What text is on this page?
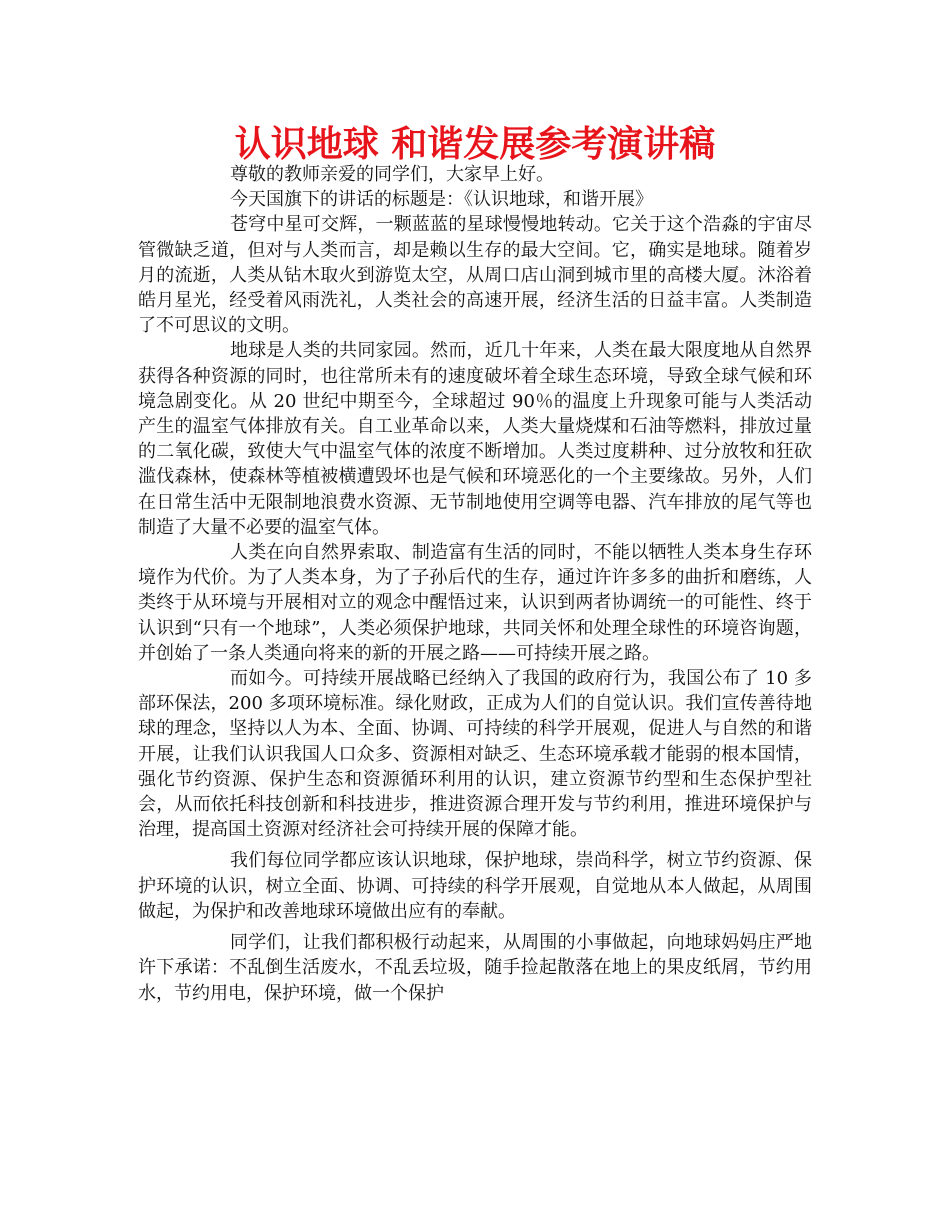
认识地球 和谐发展参考演讲稿

尊敬的教师亲爱的同学们，大家早上好。

今天国旗下的讲话的标题是：《认识地球，和谐开展》

苍穹中星可交辉，一颗蓝蓝的星球慢慢地转动。它关于这个浩淼的宇宙尽管微缺乏道，但对与人类而言，却是赖以生存的最大空间。它，确实是地球。随着岁月的流逝，人类从钻木取火到游览太空，从周口店山洞到城市里的高楼大厦。沐浴着皓月星光，经受着风雨洗礼，人类社会的高速开展，经济生活的日益丰富。人类制造了不可思议的文明。

地球是人类的共同家园。然而，近几十年来，人类在最大限度地从自然界获得各种资源的同时，也往常所未有的速度破坏着全球生态环境，导致全球气候和环境急剧变化。从 20 世纪中期至今，全球超过 90％的温度上升现象可能与人类活动产生的温室气体排放有关。自工业革命以来，人类大量烧煤和石油等燃料，排放过量的二氧化碳，致使大气中温室气体的浓度不断增加。人类过度耕种、过分放牧和狂砍滥伐森林，使森林等植被横遭毁坏也是气候和环境恶化的一个主要缘故。另外，人们在日常生活中无限制地浪费水资源、无节制地使用空调等电器、汽车排放的尾气等也制造了大量不必要的温室气体。

人类在向自然界索取、制造富有生活的同时，不能以牺牲人类本身生存环境作为代价。为了人类本身，为了子孙后代的生存，通过许许多多的曲折和磨练，人类终于从环境与开展相对立的观念中醒悟过来，认识到两者协调统一的可能性、终于认识到“只有一个地球”，人类必须保护地球，共同关怀和处理全球性的环境咨询题，并创始了一条人类通向将来的新的开展之路——可持续开展之路。

而如今。可持续开展战略已经纳入了我国的政府行为，我国公布了 10 多部环保法，200 多项环境标准。绿化财政，正成为人们的自觉认识。我们宣传善待地球的理念，坚持以人为本、全面、协调、可持续的科学开展观，促进人与自然的和谐开展，让我们认识我国人口众多、资源相对缺乏、生态环境承载才能弱的根本国情，强化节约资源、保护生态和资源循环利用的认识，建立资源节约型和生态保护型社会，从而依托科技创新和科技进步，推进资源合理开发与节约利用，推进环境保护与治理，提高国土资源对经济社会可持续开展的保障才能。

我们每位同学都应该认识地球，保护地球，崇尚科学，树立节约资源、保护环境的认识，树立全面、协调、可持续的科学开展观，自觉地从本人做起，从周围做起，为保护和改善地球环境做出应有的奉献。

同学们，让我们都积极行动起来，从周围的小事做起，向地球妈妈庄严地许下承诺：不乱倒生活废水，不乱丢垃圾，随手捡起散落在地上的果皮纸屑，节约用水，节约用电，保护环境，做一个保护
